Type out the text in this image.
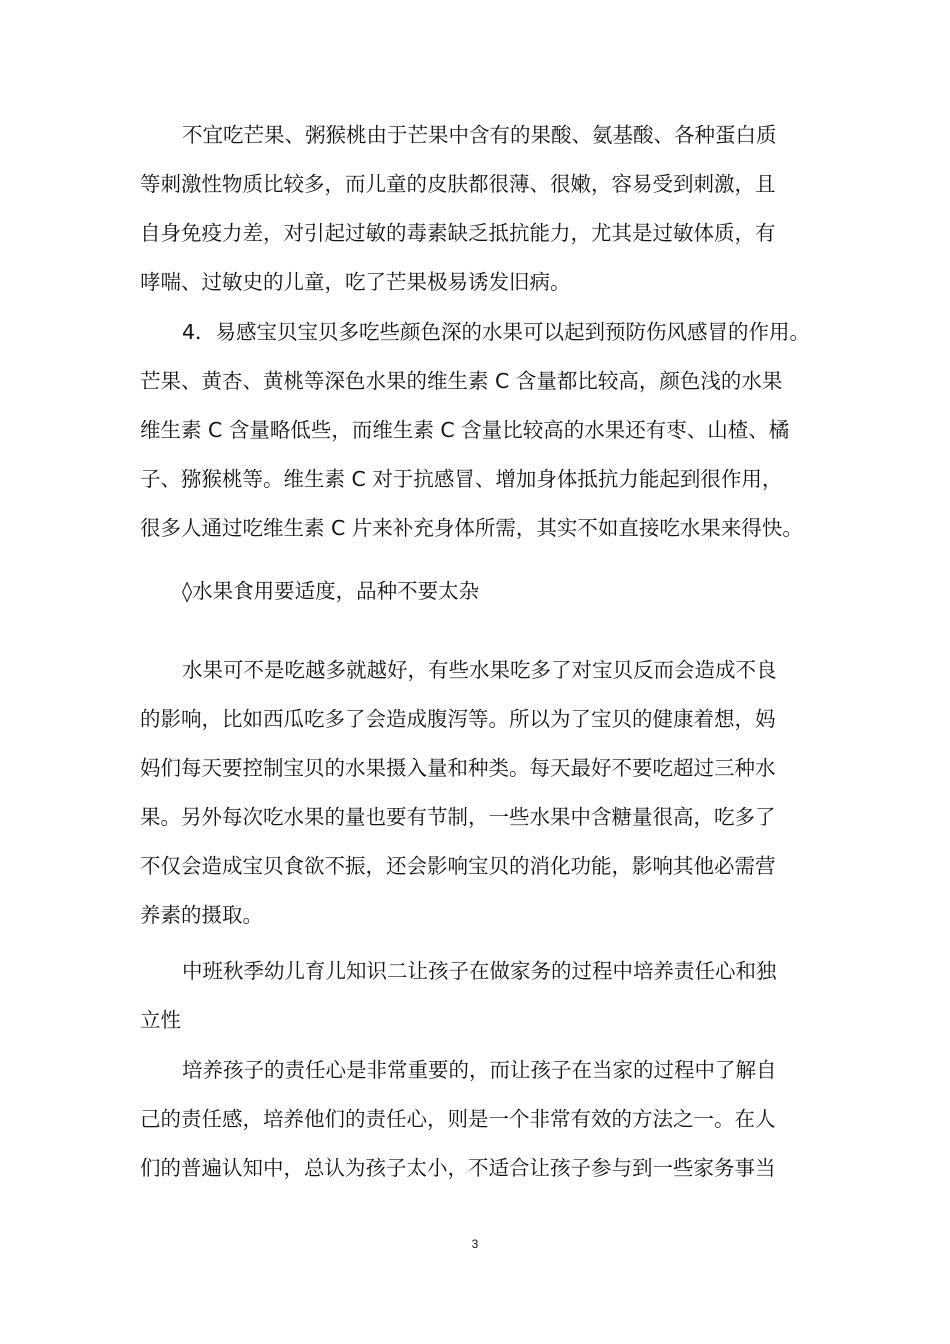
不宜吃芒果、粥猴桃由于芒果中含有的果酸、氨基酸、各种蛋白质
等刺激性物质比较多，而儿童的皮肤都很薄、很嫩，容易受到刺激，且
自身免疫力差，对引起过敏的毒素缺乏抵抗能力，尤其是过敏体质，有
哮喘、过敏史的儿童，吃了芒果极易诱发旧病。

4．易感宝贝宝贝多吃些颜色深的水果可以起到预防伤风感冒的作用。
芒果、黄杏、黄桃等深色水果的维生素 C 含量都比较高，颜色浅的水果
维生素 C 含量略低些，而维生素 C 含量比较高的水果还有枣、山楂、橘
子、猕猴桃等。维生素 C 对于抗感冒、增加身体抵抗力能起到很作用，
很多人通过吃维生素 C 片来补充身体所需，其实不如直接吃水果来得快。

◊水果食用要适度，品种不要太杂

水果可不是吃越多就越好，有些水果吃多了对宝贝反而会造成不良
的影响，比如西瓜吃多了会造成腹泻等。所以为了宝贝的健康着想，妈
妈们每天要控制宝贝的水果摄入量和种类。每天最好不要吃超过三种水
果。另外每次吃水果的量也要有节制，一些水果中含糖量很高，吃多了
不仅会造成宝贝食欲不振，还会影响宝贝的消化功能，影响其他必需营
养素的摄取。

中班秋季幼儿育儿知识二让孩子在做家务的过程中培养责任心和独
立性

培养孩子的责任心是非常重要的，而让孩子在当家的过程中了解自
己的责任感，培养他们的责任心，则是一个非常有效的方法之一。在人
们的普遍认知中，总认为孩子太小，不适合让孩子参与到一些家务事当

3
